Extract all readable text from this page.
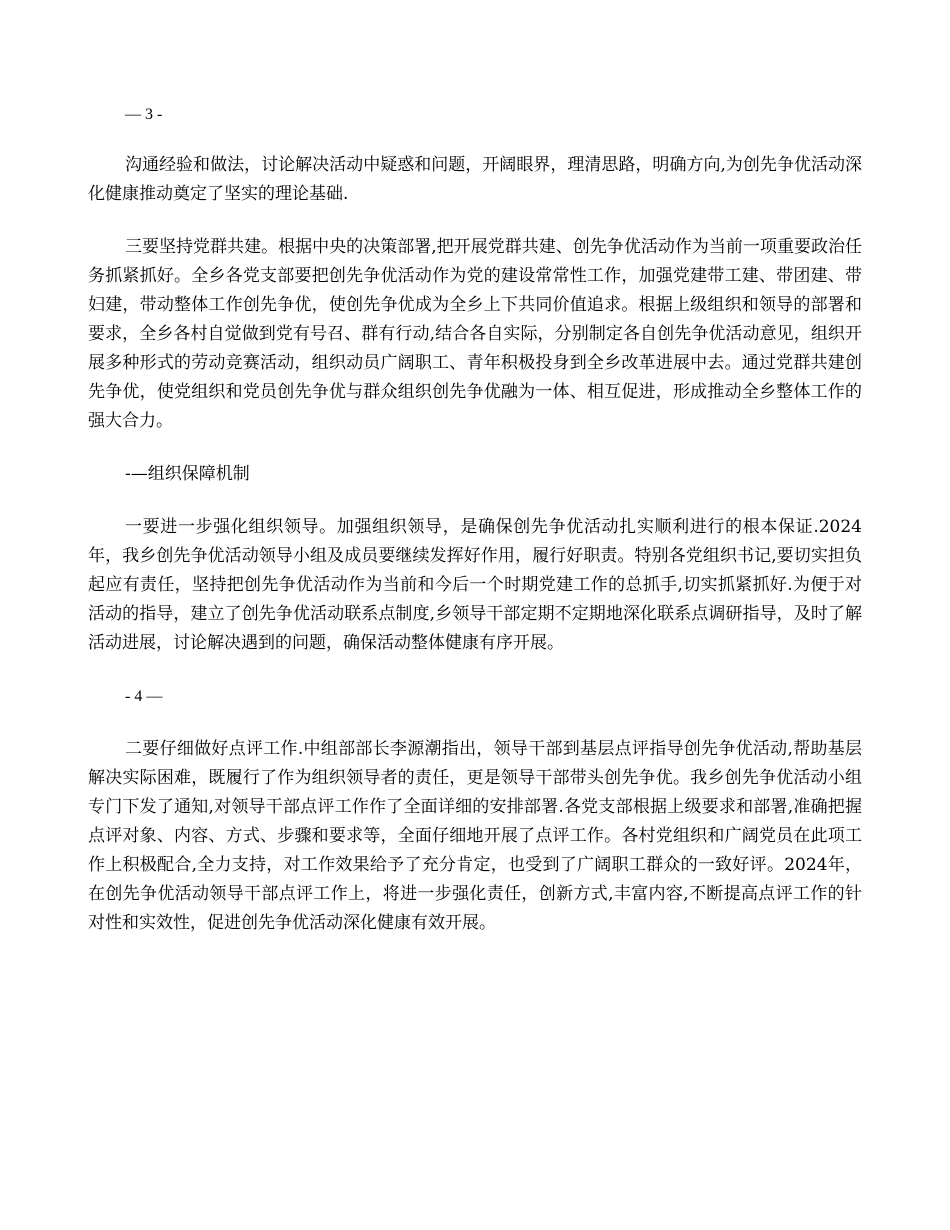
— 3 -

沟通经验和做法，讨论解决活动中疑惑和问题，开阔眼界，理清思路，明确方向,为创先争优活动深化健康推动奠定了坚实的理论基础.

三要坚持党群共建。根据中央的决策部署,把开展党群共建、创先争优活动作为当前一项重要政治任务抓紧抓好。全乡各党支部要把创先争优活动作为党的建设常常性工作，加强党建带工建、带团建、带妇建，带动整体工作创先争优，使创先争优成为全乡上下共同价值追求。根据上级组织和领导的部署和要求，全乡各村自觉做到党有号召、群有行动,结合各自实际，分别制定各自创先争优活动意见，组织开展多种形式的劳动竞赛活动，组织动员广阔职工、青年积极投身到全乡改革进展中去。通过党群共建创先争优，使党组织和党员创先争优与群众组织创先争优融为一体、相互促进，形成推动全乡整体工作的强大合力。

-—组织保障机制

一要进一步强化组织领导。加强组织领导，是确保创先争优活动扎实顺利进行的根本保证.2024年，我乡创先争优活动领导小组及成员要继续发挥好作用，履行好职责。特别各党组织书记,要切实担负起应有责任，坚持把创先争优活动作为当前和今后一个时期党建工作的总抓手,切实抓紧抓好.为便于对活动的指导，建立了创先争优活动联系点制度,乡领导干部定期不定期地深化联系点调研指导，及时了解活动进展，讨论解决遇到的问题，确保活动整体健康有序开展。

- 4 —

二要仔细做好点评工作.中组部部长李源潮指出，领导干部到基层点评指导创先争优活动,帮助基层解决实际困难，既履行了作为组织领导者的责任，更是领导干部带头创先争优。我乡创先争优活动小组专门下发了通知,对领导干部点评工作作了全面详细的安排部署.各党支部根据上级要求和部署,准确把握点评对象、内容、方式、步骤和要求等，全面仔细地开展了点评工作。各村党组织和广阔党员在此项工作上积极配合,全力支持，对工作效果给予了充分肯定，也受到了广阔职工群众的一致好评。2024年，在创先争优活动领导干部点评工作上，将进一步强化责任，创新方式,丰富内容,不断提高点评工作的针对性和实效性，促进创先争优活动深化健康有效开展。
